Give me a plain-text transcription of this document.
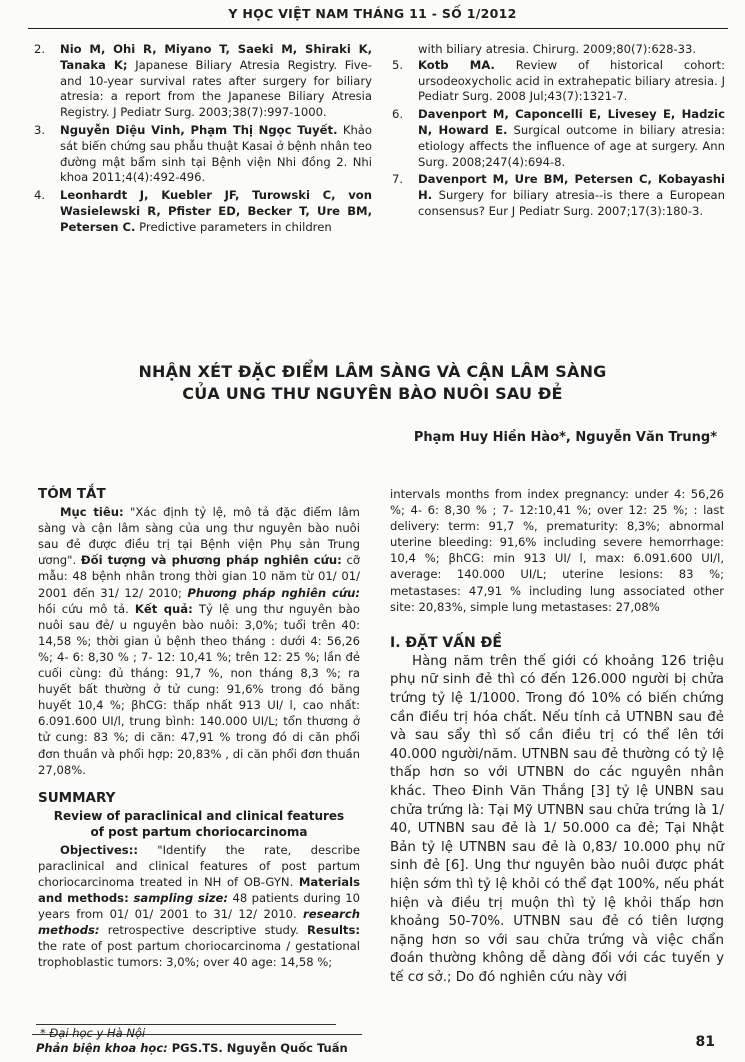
Y HỌC VIỆT NAM THÁNG 11 - SỐ 1/2012
2. Nio M, Ohi R, Miyano T, Saeki M, Shiraki K, Tanaka K; Japanese Biliary Atresia Registry. Five- and 10-year survival rates after surgery for biliary atresia: a report from the Japanese Biliary Atresia Registry. J Pediatr Surg. 2003;38(7):997-1000.
3. Nguyễn Diệu Vinh, Phạm Thị Ngọc Tuyết. Khảo sát biến chứng sau phẫu thuật Kasai ở bệnh nhân teo đường mật bẩm sinh tại Bệnh viện Nhi đồng 2. Nhi khoa 2011;4(4):492-496.
4. Leonhardt J, Kuebler JF, Turowski C, von Wasielewski R, Pfister ED, Becker T, Ure BM, Petersen C. Predictive parameters in children
with biliary atresia. Chirurg. 2009;80(7):628-33.
5. Kotb MA. Review of historical cohort: ursodeoxycholic acid in extrahepatic biliary atresia. J Pediatr Surg. 2008 Jul;43(7):1321-7.
6. Davenport M, Caponcelli E, Livesey E, Hadzic N, Howard E. Surgical outcome in biliary atresia: etiology affects the influence of age at surgery. Ann Surg. 2008;247(4):694-8.
7. Davenport M, Ure BM, Petersen C, Kobayashi H. Surgery for biliary atresia--is there a European consensus? Eur J Pediatr Surg. 2007;17(3):180-3.
NHẬN XÉT ĐẶC ĐIỂM LÂM SÀNG VÀ CẬN LÂM SÀNG
CỦA UNG THƯ NGUYÊN BÀO NUÔI SAU ĐẺ
Phạm Huy Hiền Hào*, Nguyễn Văn Trung*
TÓM TẮT

Mục tiêu: "Xác định tỷ lệ, mô tả đặc điểm lâm sàng và cận lâm sàng của ung thư nguyên bào nuôi sau đẻ được điều trị tại Bệnh viện Phụ sản Trung ương". Đối tượng và phương pháp nghiên cứu: cỡ mẫu: 48 bệnh nhân trong thời gian 10 năm từ 01/ 01/ 2001 đến 31/ 12/ 2010; Phương pháp nghiên cứu: hồi cứu mô tả. Kết quả: Tỷ lệ ung thư nguyên bào nuôi sau đẻ/ u nguyên bào nuôi: 3,0%; tuổi trên 40: 14,58 %; thời gian ủ bệnh theo tháng : dưới 4: 56,26 %; 4- 6: 8,30 % ; 7- 12: 10,41 %; trên 12: 25 %; lần đẻ cuối cùng: đủ tháng: 91,7 %, non tháng 8,3 %; ra huyết bất thường ở tử cung: 91,6% trong đó băng huyết 10,4 %; βhCG: thấp nhất 913 UI/ l, cao nhất: 6.091.600 UI/l, trung bình: 140.000 UI/L; tổn thương ở tử cung: 83 %; di căn: 47,91 % trong đó di căn phổi đơn thuần và phổi hợp: 20,83% , di căn phổi đơn thuần 27,08%.

SUMMARY
Review of paraclinical and clinical features of post partum choriocarcinoma

Objectives:: "Identify the rate, describe paraclinical and clinical features of post partum choriocarcinoma treated in NH of OB-GYN. Materials and methods: sampling size: 48 patients during 10 years from 01/ 01/ 2001 to 31/ 12/ 2010. research methods: retrospective descriptive study. Results: the rate of post partum choriocarcinoma / gestational trophoblastic tumors: 3,0%; over 40 age: 14,58 %;

intervals months from index pregnancy: under 4: 56,26 %; 4- 6: 8,30 % ; 7- 12:10,41 %; over 12: 25 %; : last delivery: term: 91,7 %, prematurity: 8,3%; abnormal uterine bleeding: 91,6% including severe hemorrhage: 10,4 %; βhCG: min 913 UI/ l, max: 6.091.600 UI/l, average: 140.000 UI/L; uterine lesions: 83 %; metastases: 47,91 % including lung associated other site: 20,83%, simple lung metastases: 27,08%

I. ĐẶT VẤN ĐỀ

Hàng năm trên thế giới có khoảng 126 triệu phụ nữ sinh đẻ thì có đến 126.000 người bị chửa trứng tỷ lệ 1/1000. Trong đó 10% có biến chứng cần điều trị hóa chất. Nếu tính cả UTNBN sau đẻ và sau sẩy thì số cần điều trị có thể lên tới 40.000 người/năm. UTNBN sau đẻ thường có tỷ lệ thấp hơn so với UTNBN do các nguyên nhân khác. Theo Đinh Văn Thắng [3] tỷ lệ UNBN sau chửa trứng là: Tại Mỹ UTNBN sau chửa trứng là 1/ 40, UTNBN sau đẻ là 1/ 50.000 ca đẻ; Tại Nhật Bản tỷ lệ UTNBN sau đẻ là 0,83/ 10.000 phụ nữ sinh đẻ [6]. Ung thư nguyên bào nuôi được phát hiện sớm thì tỷ lệ khỏi có thể đạt 100%, nếu phát hiện và điều trị muộn thì tỷ lệ khỏi thấp hơn khoảng 50-70%. UTNBN sau đẻ có tiên lượng nặng hơn so với sau chửa trứng và việc chẩn đoán thường không dễ dàng đối với các tuyến y tế cơ sở.; Do đó nghiên cứu này với

* Đại học y Hà Nội
Phản biện khoa học: PGS.TS. Nguyễn Quốc Tuấn	81
